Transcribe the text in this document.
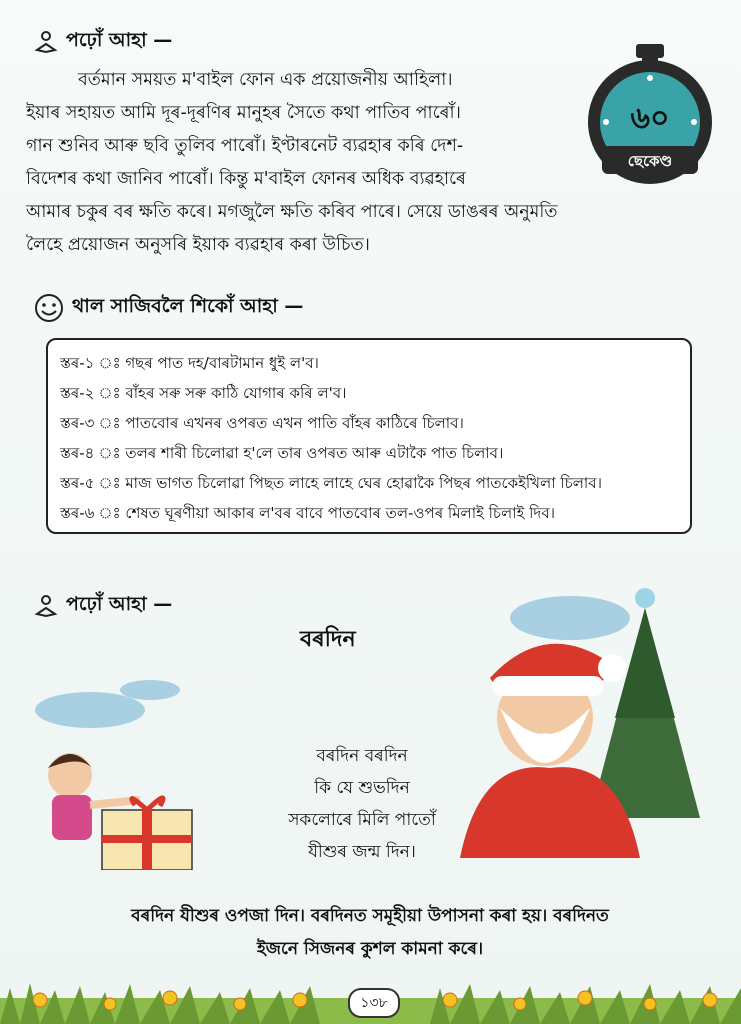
পঢ়োঁ আহা —
বৰ্তমান সময়ত ম'বাইল ফোন এক প্ৰয়োজনীয় আহিলা।
ইয়াৰ সহায়ত আমি দূৰ-দূৰণিৰ মানুহৰ সৈতে কথা পাতিব পাৰোঁ।
গান শুনিব আৰু ছবি তুলিব পাৰোঁ। ইণ্টাৰনেট ব্যৱহাৰ কৰি দেশ-
বিদেশৰ কথা জানিব পাৰোঁ। কিন্তু ম'বাইল ফোনৰ অধিক ব্যৱহাৰে
আমাৰ চকুৰ বৰ ক্ষতি কৰে। মগজুলৈ ক্ষতি কৰিব পাৰে। সেয়ে ডাঙৰৰ অনুমতি
লৈহে প্ৰয়োজন অনুসৰি ইয়াক ব্যৱহাৰ কৰা উচিত।
৬০
ছেকেণ্ড
থাল সাজিবলৈ শিকোঁ আহা —
স্তৰ-১ ঃ গছৰ পাত দহ/বাৰটামান ধুই ল'ব।
স্তৰ-২ ঃ বাঁহৰ সৰু সৰু কাঠি যোগাৰ কৰি ল'ব।
স্তৰ-৩ ঃ পাতবোৰ এখনৰ ওপৰত এখন পাতি বাঁহৰ কাঠিৰে চিলাব।
স্তৰ-৪ ঃ তলৰ শাৰী চিলোৱা হ'লে তাৰ ওপৰত আৰু এটাকৈ পাত চিলাব।
স্তৰ-৫ ঃ মাজ ভাগত চিলোৱা পিছত লাহে লাহে ঘেৰ হোৱাকৈ পিছৰ পাতকেইখিলা চিলাব।
স্তৰ-৬ ঃ শেষত ঘূৰণীয়া আকাৰ ল'বৰ বাবে পাতবোৰ তল-ওপৰ মিলাই চিলাই দিব।
পঢ়োঁ আহা —
বৰদিন
বৰদিন বৰদিন
কি যে শুভদিন
সকলোৰে মিলি পাতোঁ
যীশুৰ জন্ম দিন।
বৰদিন যীশুৰ ওপজা দিন। বৰদিনত সমূহীয়া উপাসনা কৰা হয়। বৰদিনত
ইজনে সিজনৰ কুশল কামনা কৰে।
১৩৮
